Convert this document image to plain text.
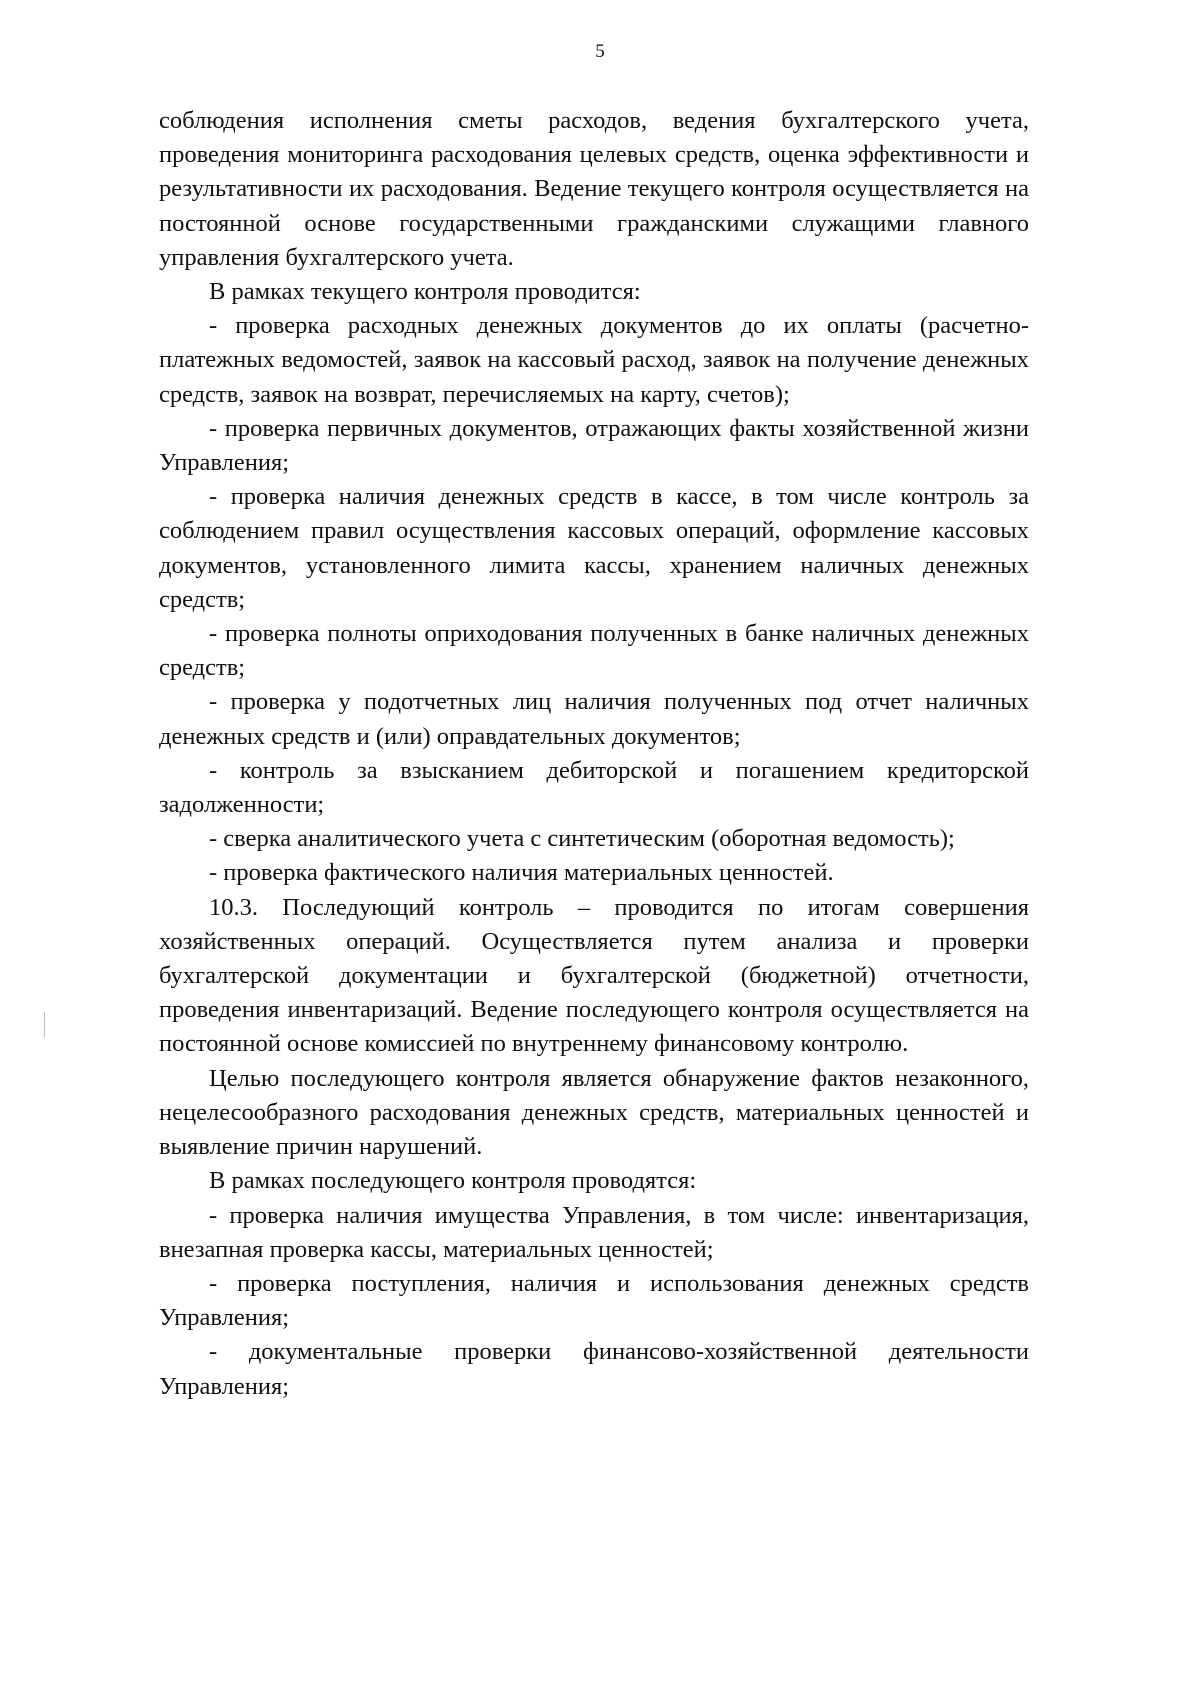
5

соблюдения исполнения сметы расходов, ведения бухгалтерского учета, проведения мониторинга расходования целевых средств, оценка эффективности и результативности их расходования. Ведение текущего контроля осуществляется на постоянной основе государственными гражданскими служащими главного управления бухгалтерского учета.

В рамках текущего контроля проводится:

- проверка расходных денежных документов до их оплаты (расчетно-платежных ведомостей, заявок на кассовый расход, заявок на получение денежных средств, заявок на возврат, перечисляемых на карту, счетов);

- проверка первичных документов, отражающих факты хозяйственной жизни Управления;

- проверка наличия денежных средств в кассе, в том числе контроль за соблюдением правил осуществления кассовых операций, оформление кассовых документов, установленного лимита кассы, хранением наличных денежных средств;

- проверка полноты оприходования полученных в банке наличных денежных средств;

- проверка у подотчетных лиц наличия полученных под отчет наличных денежных средств и (или) оправдательных документов;

- контроль за взысканием дебиторской и погашением кредиторской задолженности;

- сверка аналитического учета с синтетическим (оборотная ведомость);

- проверка фактического наличия материальных ценностей.

10.3. Последующий контроль – проводится по итогам совершения хозяйственных операций. Осуществляется путем анализа и проверки бухгалтерской документации и бухгалтерской (бюджетной) отчетности, проведения инвентаризаций. Ведение последующего контроля осуществляется на постоянной основе комиссией по внутреннему финансовому контролю.

Целью последующего контроля является обнаружение фактов незаконного, нецелесообразного расходования денежных средств, материальных ценностей и выявление причин нарушений.

В рамках последующего контроля проводятся:

- проверка наличия имущества Управления, в том числе: инвентаризация, внезапная проверка кассы, материальных ценностей;

- проверка поступления, наличия и использования денежных средств Управления;

- документальные проверки финансово-хозяйственной деятельности Управления;
